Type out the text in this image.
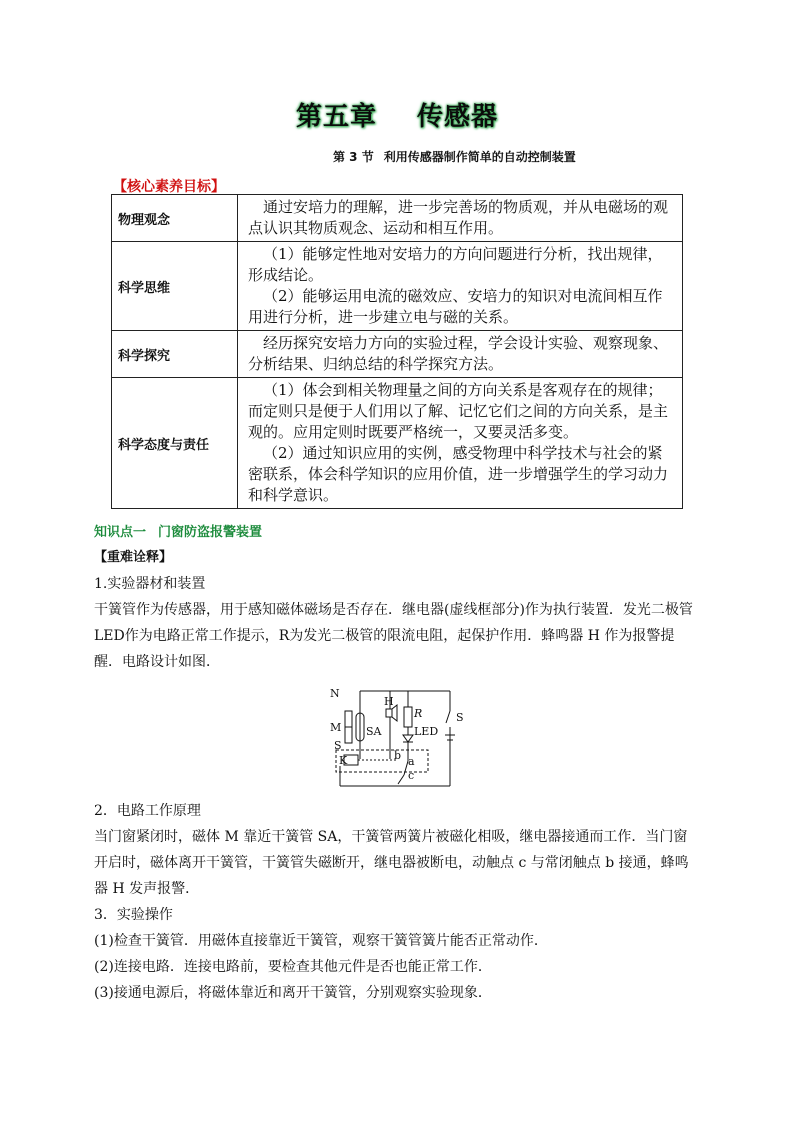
第五章 传感器
第 3 节 利用传感器制作简单的自动控制装置
【核心素养目标】
物理观念	通过安培力的理解，进一步完善场的物质观，并从电磁场的观点认识其物质观念、运动和相互作用。

科学思维	（1）能够定性地对安培力的方向问题进行分析，找出规律，形成结论。

（2）能够运用电流的磁效应、安培力的知识对电流间相互作用进行分析，进一步建立电与磁的关系。

科学探究	经历探究安培力方向的实验过程，学会设计实验、观察现象、分析结果、归纳总结的科学探究方法。

科学态度与责任	（1）体会到相关物理量之间的方向关系是客观存在的规律；而定则只是便于人们用以了解、记忆它们之间的方向关系，是主观的。应用定则时既要严格统一，又要灵活多变。

（2）通过知识应用的实例，感受物理中科学技术与社会的紧密联系，体会科学知识的应用价值，进一步增强学生的学习动力和科学意识。

知识点一 门窗防盗报警装置
【重难诠释】
1.实验器材和装置
干簧管作为传感器，用于感知磁体磁场是否存在．继电器(虚线框部分)作为执行装置．发光二极管LED作为电路正常工作提示，R为发光二极管的限流电阻，起保护作用．蜂鸣器 H 作为报警提醒．电路设计如图．
N
M
S
SA
H
R
LED
S
K	b a
c
2．电路工作原理
当门窗紧闭时，磁体 M 靠近干簧管 SA，干簧管两簧片被磁化相吸，继电器接通而工作．当门窗开启时，磁体离开干簧管，干簧管失磁断开，继电器被断电，动触点 c 与常闭触点 b 接通，蜂鸣器 H 发声报警．
3．实验操作
(1)检查干簧管．用磁体直接靠近干簧管，观察干簧管簧片能否正常动作．
(2)连接电路．连接电路前，要检查其他元件是否也能正常工作．
(3)接通电源后，将磁体靠近和离开干簧管，分别观察实验现象．
